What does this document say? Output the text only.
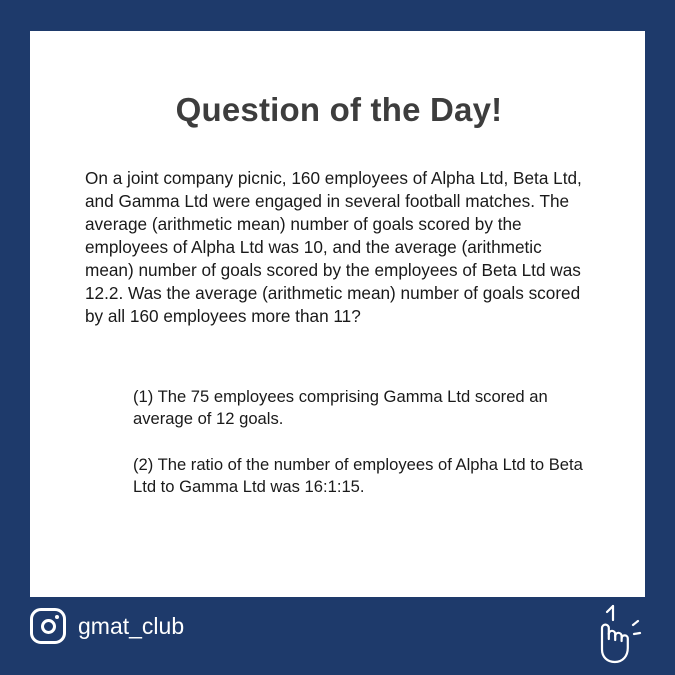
Question of the Day!

On a joint company picnic, 160 employees of Alpha Ltd, Beta Ltd, and Gamma Ltd were engaged in several football matches. The average (arithmetic mean) number of goals scored by the employees of Alpha Ltd was 10, and the average (arithmetic mean) number of goals scored by the employees of Beta Ltd was 12.2. Was the average (arithmetic mean) number of goals scored by all 160 employees more than 11?

(1) The 75 employees comprising Gamma Ltd scored an average of 12 goals.

(2) The ratio of the number of employees of Alpha Ltd to Beta Ltd to Gamma Ltd was 16:1:15.

gmat_club
